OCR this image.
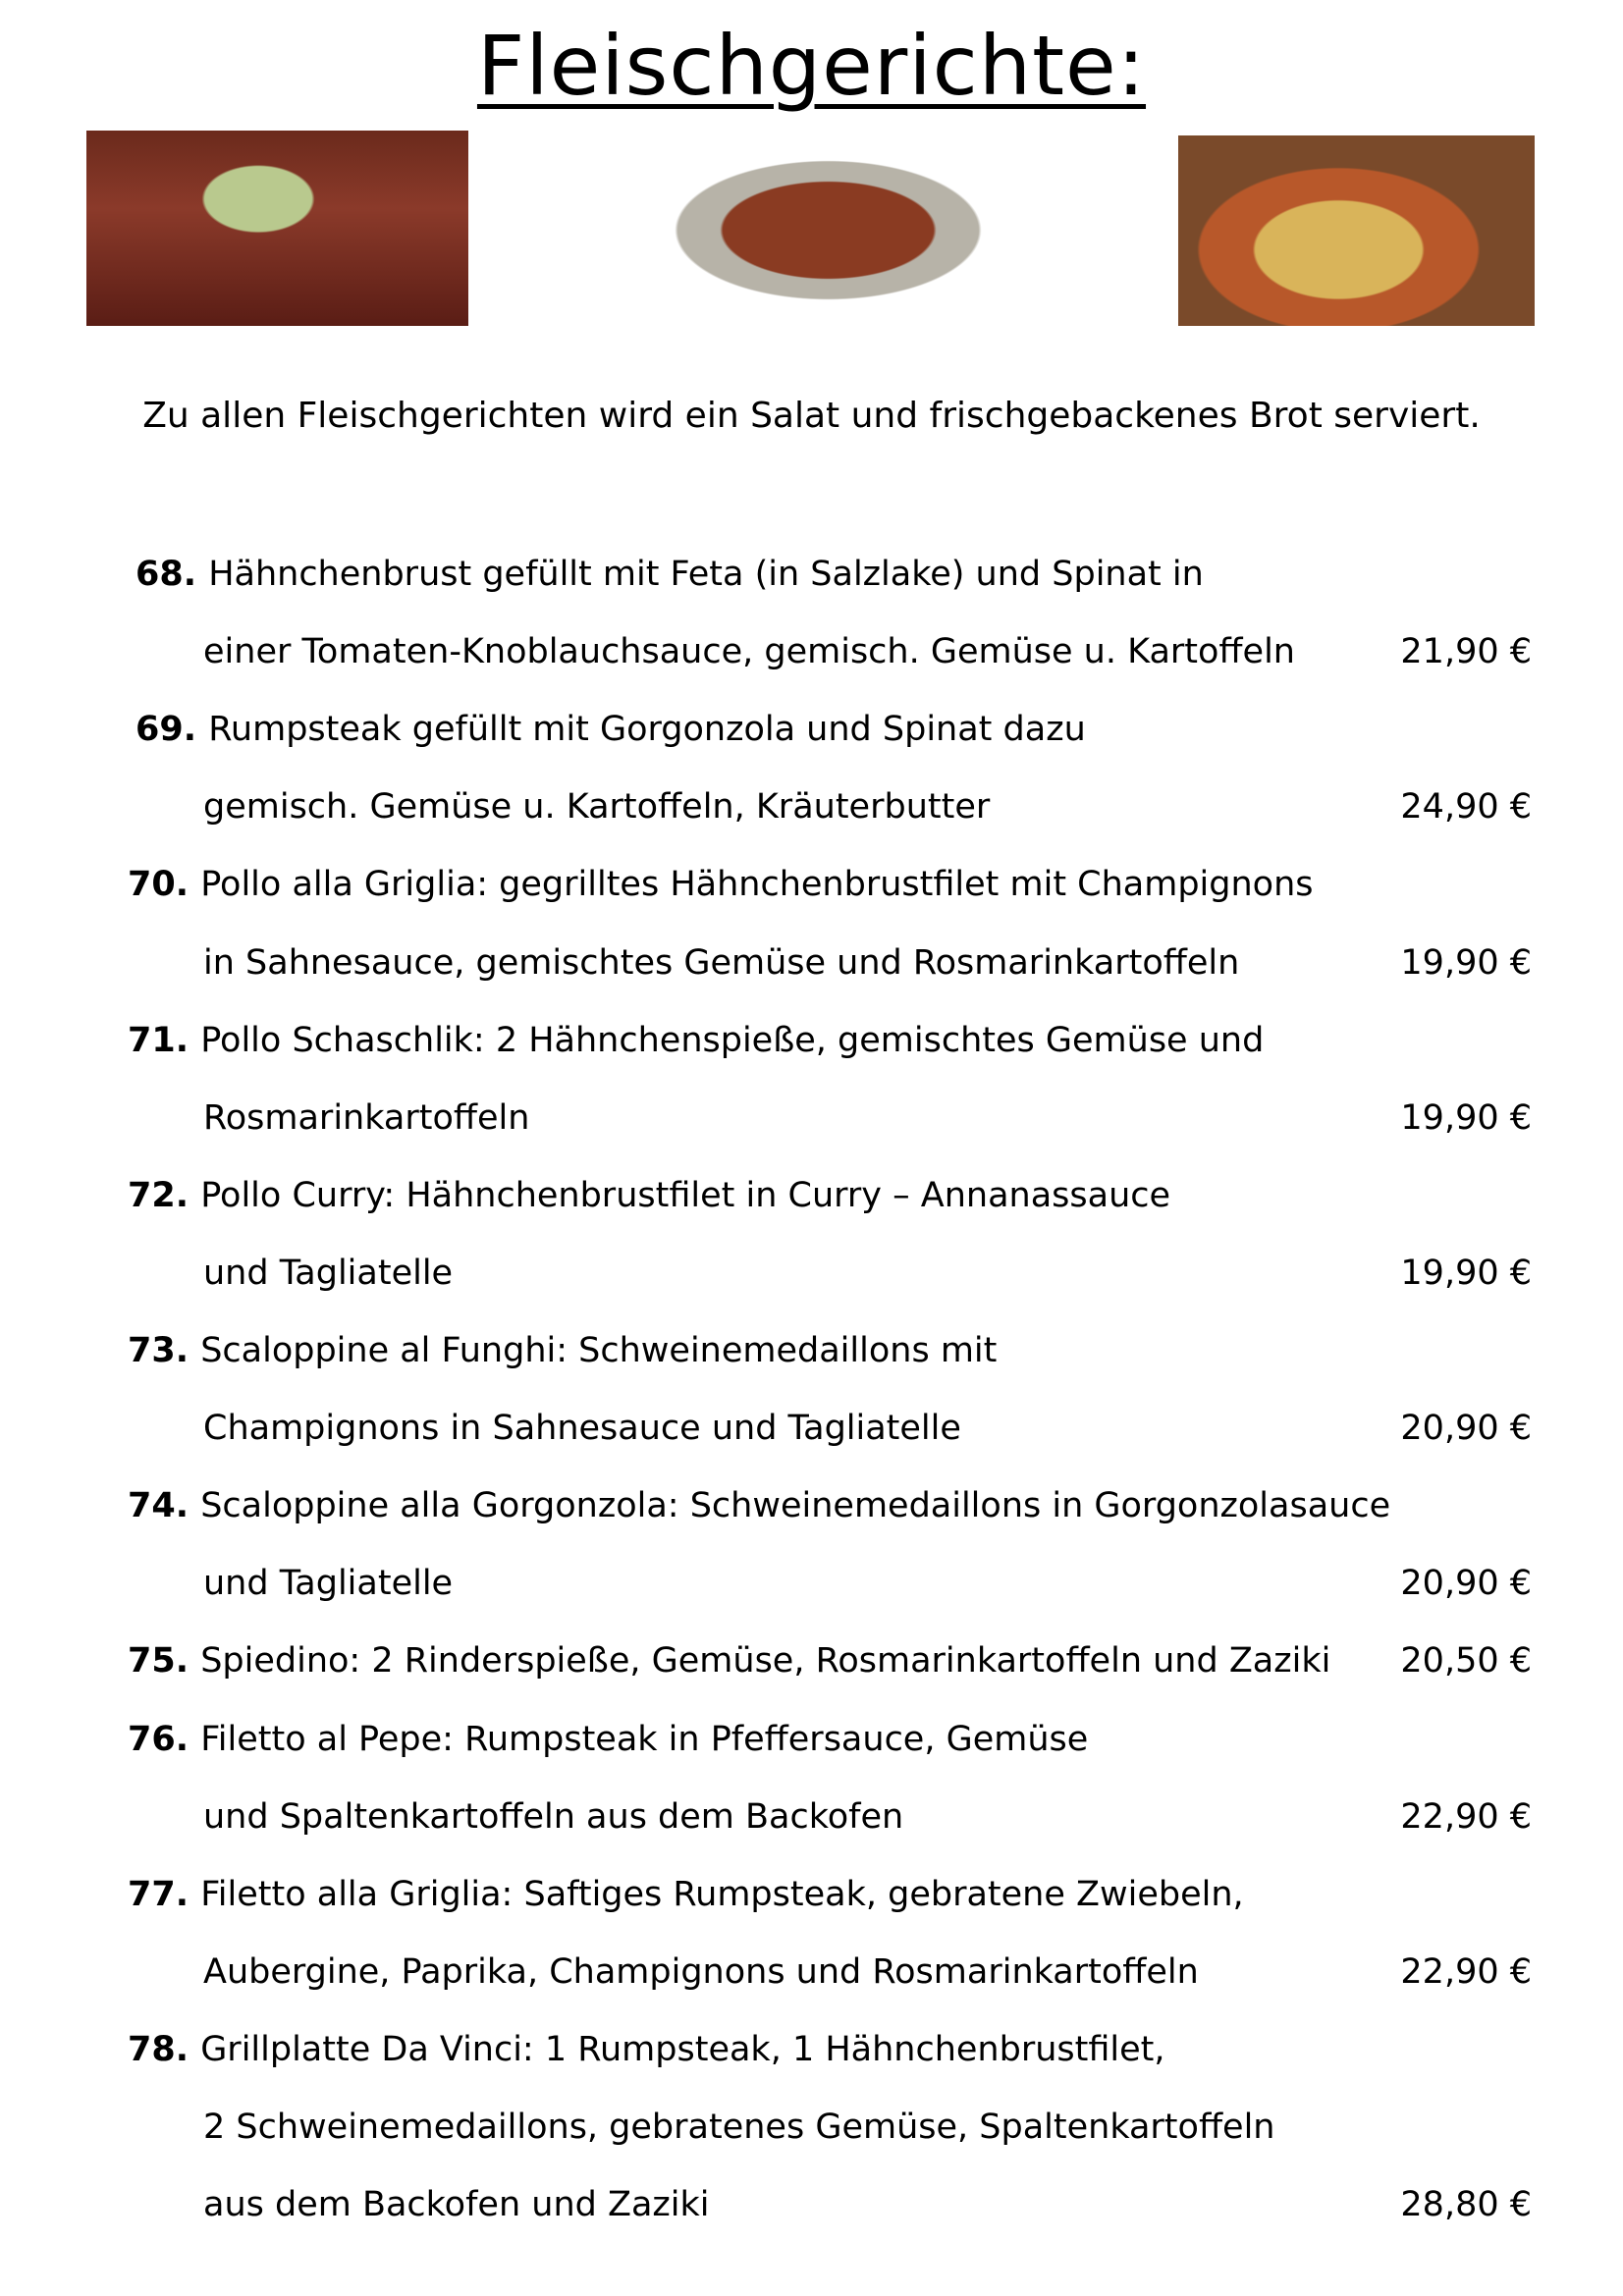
Fleischgerichte:
Zu allen Fleischgerichten wird ein Salat und frischgebackenes Brot serviert.
68. Hähnchenbrust gefüllt mit Feta (in Salzlake) und Spinat in
einer Tomaten-Knoblauchsauce, gemisch. Gemüse u. Kartoffeln	21,90 €
69. Rumpsteak gefüllt mit Gorgonzola und Spinat dazu
gemisch. Gemüse u. Kartoffeln, Kräuterbutter	24,90 €
70. Pollo alla Griglia: gegrilltes Hähnchenbrustfilet mit Champignons
in Sahnesauce, gemischtes Gemüse und Rosmarinkartoffeln	19,90 €
71. Pollo Schaschlik: 2 Hähnchenspieße, gemischtes Gemüse und
Rosmarinkartoffeln	19,90 €
72. Pollo Curry: Hähnchenbrustfilet in Curry – Annanassauce
und Tagliatelle	19,90 €
73. Scaloppine al Funghi: Schweinemedaillons mit
Champignons in Sahnesauce und Tagliatelle	20,90 €
74. Scaloppine alla Gorgonzola: Schweinemedaillons in Gorgonzolasauce
und Tagliatelle	20,90 €
75. Spiedino: 2 Rinderspieße, Gemüse, Rosmarinkartoffeln und Zaziki 20,50 €
76. Filetto al Pepe: Rumpsteak in Pfeffersauce, Gemüse
und Spaltenkartoffeln aus dem Backofen	22,90 €
77. Filetto alla Griglia: Saftiges Rumpsteak, gebratene Zwiebeln,
Aubergine, Paprika, Champignons und Rosmarinkartoffeln	22,90 €
78. Grillplatte Da Vinci: 1 Rumpsteak, 1 Hähnchenbrustfilet,
2 Schweinemedaillons, gebratenes Gemüse, Spaltenkartoffeln
aus dem Backofen und Zaziki	28,80 €
